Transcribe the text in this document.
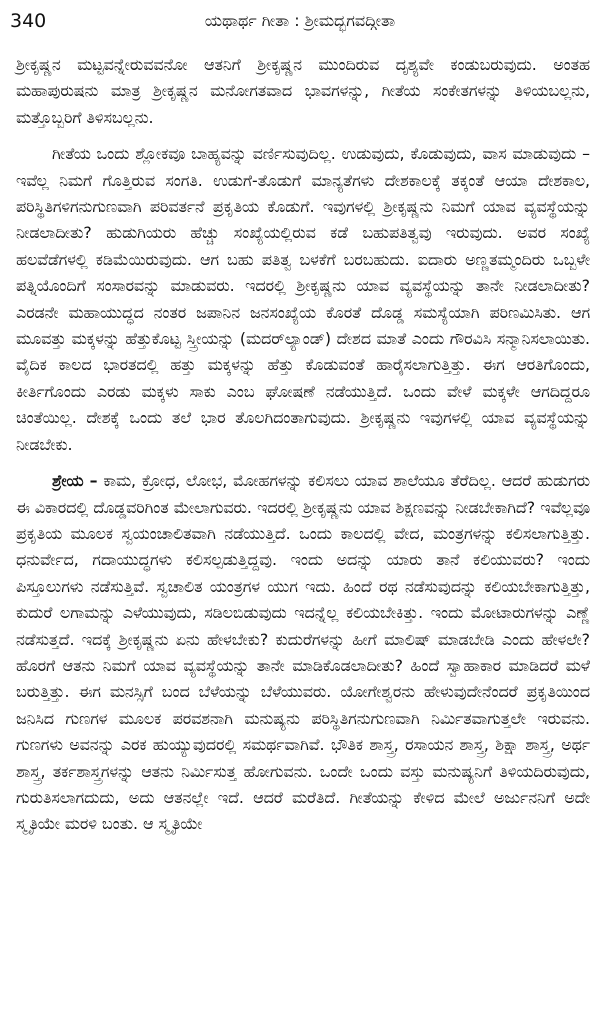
340	ಯಥಾರ್ಥ ಗೀತಾ : ಶ್ರೀಮದ್ಭಗವದ್ಗೀತಾ

ಶ್ರೀಕೃಷ್ಣನ ಮಟ್ಟವನ್ನೇರುವವನೋ ಆತನಿಗೆ ಶ್ರೀಕೃಷ್ಣನ ಮುಂದಿರುವ ದೃಶ್ಯವೇ ಕಂಡುಬರುವುದು. ಅಂತಹ ಮಹಾಪುರುಷನು ಮಾತ್ರ ಶ್ರೀಕೃಷ್ಣನ ಮನೋಗತವಾದ ಭಾವಗಳನ್ನು, ಗೀತೆಯ ಸಂಕೇತಗಳನ್ನು ತಿಳಿಯಬಲ್ಲನು, ಮತ್ತೊಬ್ಬರಿಗೆ ತಿಳಿಸಬಲ್ಲನು.

ಗೀತೆಯ ಒಂದು ಶ್ಲೋಕವೂ ಬಾಹ್ಯವನ್ನು ವರ್ಣಿಸುವುದಿಲ್ಲ. ಉಡುವುದು, ಕೊಡುವುದು, ವಾಸ ಮಾಡುವುದು – ಇವೆಲ್ಲ ನಿಮಗೆ ಗೊತ್ತಿರುವ ಸಂಗತಿ. ಉಡುಗೆ-ತೊಡುಗೆ ಮಾನ್ಯತೆಗಳು ದೇಶಕಾಲಕ್ಕೆ ತಕ್ಕಂತೆ ಆಯಾ ದೇಶಕಾಲ, ಪರಿಸ್ಥಿತಿಗಳಿಗನುಗುಣವಾಗಿ ಪರಿವರ್ತನೆ ಪ್ರಕೃತಿಯ ಕೊಡುಗೆ. ಇವುಗಳಲ್ಲಿ ಶ್ರೀಕೃಷ್ಣನು ನಿಮಗೆ ಯಾವ ವ್ಯವಸ್ಥೆಯನ್ನು ನೀಡಲಾದೀತು? ಹುಡುಗಿಯರು ಹೆಚ್ಚು ಸಂಖ್ಯೆಯಲ್ಲಿರುವ ಕಡೆ ಬಹುಪತಿತ್ವವು ಇರುವುದು. ಅವರ ಸಂಖ್ಯೆ ಹಲವೆಡೆಗಳಲ್ಲಿ ಕಡಿಮೆಯಿರುವುದು. ಆಗ ಬಹು ಪತಿತ್ವ ಬಳಕೆಗೆ ಬರಬಹುದು. ಐದಾರು ಅಣ್ಣತಮ್ಮಂದಿರು ಒಬ್ಬಳೇ ಪತ್ನಿಯೊಂದಿಗೆ ಸಂಸಾರವನ್ನು ಮಾಡುವರು. ಇದರಲ್ಲಿ ಶ್ರೀಕೃಷ್ಣನು ಯಾವ ವ್ಯವಸ್ಥೆಯನ್ನು ತಾನೇ ನೀಡಲಾದೀತು? ಎರಡನೇ ಮಹಾಯುದ್ಧದ ನಂತರ ಜಪಾನಿನ ಜನಸಂಖ್ಯೆಯ ಕೊರತೆ ದೊಡ್ಡ ಸಮಸ್ಯೆಯಾಗಿ ಪರಿಣಮಿಸಿತು. ಆಗ ಮೂವತ್ತು ಮಕ್ಕಳನ್ನು ಹೆತ್ತುಕೊಟ್ಟ ಸ್ತ್ರೀಯನ್ನು (ಮದರ್‌ಲ್ಯಾಂಡ್) ದೇಶದ ಮಾತೆ ಎಂದು ಗೌರವಿಸಿ ಸನ್ಮಾನಿಸಲಾಯಿತು. ವೈದಿಕ ಕಾಲದ ಭಾರತದಲ್ಲಿ ಹತ್ತು ಮಕ್ಕಳನ್ನು ಹೆತ್ತು ಕೊಡುವಂತೆ ಹಾರೈಸಲಾಗುತ್ತಿತ್ತು. ಈಗ ಆರತಿಗೊಂದು, ಕೀರ್ತಿಗೊಂದು ಎರಡು ಮಕ್ಕಳು ಸಾಕು ಎಂಬ ಘೋಷಣೆ ನಡೆಯುತ್ತಿದೆ. ಒಂದು ವೇಳೆ ಮಕ್ಕಳೇ ಆಗದಿದ್ದರೂ ಚಿಂತೆಯಿಲ್ಲ. ದೇಶಕ್ಕೆ ಒಂದು ತಲೆ ಭಾರ ತೊಲಗಿದಂತಾಗುವುದು. ಶ್ರೀಕೃಷ್ಣನು ಇವುಗಳಲ್ಲಿ ಯಾವ ವ್ಯವಸ್ಥೆಯನ್ನು ನೀಡಬೇಕು.

ಶ್ರೇಯ – ಕಾಮ, ಕ್ರೋಧ, ಲೋಭ, ಮೋಹಗಳನ್ನು ಕಲಿಸಲು ಯಾವ ಶಾಲೆಯೂ ತೆರೆದಿಲ್ಲ. ಆದರೆ ಹುಡುಗರು ಈ ವಿಕಾರದಲ್ಲಿ ದೊಡ್ಡವರಿಗಿಂತ ಮೇಲಾಗುವರು. ಇದರಲ್ಲಿ ಶ್ರೀಕೃಷ್ಣನು ಯಾವ ಶಿಕ್ಷಣವನ್ನು ನೀಡಬೇಕಾಗಿದೆ? ಇವೆಲ್ಲವೂ ಪ್ರಕೃತಿಯ ಮೂಲಕ ಸ್ವಯಂಚಾಲಿತವಾಗಿ ನಡೆಯುತ್ತಿದೆ. ಒಂದು ಕಾಲದಲ್ಲಿ ವೇದ, ಮಂತ್ರಗಳನ್ನು ಕಲಿಸಲಾಗುತ್ತಿತ್ತು. ಧನುರ್ವೇದ, ಗದಾಯುದ್ಧಗಳು ಕಲಿಸಲ್ಪಡುತ್ತಿದ್ದವು. ಇಂದು ಅದನ್ನು ಯಾರು ತಾನೆ ಕಲಿಯುವರು? ಇಂದು ಪಿಸ್ತೂಲುಗಳು ನಡೆಸುತ್ತಿವೆ. ಸ್ವಚಾಲಿತ ಯಂತ್ರಗಳ ಯುಗ ಇದು. ಹಿಂದೆ ರಥ ನಡೆಸುವುದನ್ನು ಕಲಿಯಬೇಕಾಗುತ್ತಿತ್ತು, ಕುದುರೆ ಲಗಾಮನ್ನು ಎಳೆಯುವುದು, ಸಡಿಲಬಿಡುವುದು ಇದನ್ನೆಲ್ಲ ಕಲಿಯಬೇಕಿತ್ತು. ಇಂದು ಮೋಟಾರುಗಳನ್ನು ಎಣ್ಣೆ ನಡೆಸುತ್ತದೆ. ಇದಕ್ಕೆ ಶ್ರೀಕೃಷ್ಣನು ಏನು ಹೇಳಬೇಕು? ಕುದುರೆಗಳನ್ನು ಹೀಗೆ ಮಾಲಿಷ್ ಮಾಡಬೇಡಿ ಎಂದು ಹೇಳಲೇ? ಹೊರಗೆ ಆತನು ನಿಮಗೆ ಯಾವ ವ್ಯವಸ್ಥೆಯನ್ನು ತಾನೇ ಮಾಡಿಕೊಡಲಾದೀತು? ಹಿಂದೆ ಸ್ವಾಹಾಕಾರ ಮಾಡಿದರೆ ಮಳೆ ಬರುತ್ತಿತ್ತು. ಈಗ ಮನಸ್ಸಿಗೆ ಬಂದ ಬೆಳೆಯನ್ನು ಬೆಳೆಯುವರು. ಯೋಗೇಶ್ವರನು ಹೇಳುವುದೇನೆಂದರೆ ಪ್ರಕೃತಿಯಿಂದ ಜನಿಸಿದ ಗುಣಗಳ ಮೂಲಕ ಪರವಶನಾಗಿ ಮನುಷ್ಯನು ಪರಿಸ್ಥಿತಿಗನುಗುಣವಾಗಿ ನಿರ್ಮಿತವಾಗುತ್ತಲೇ ಇರುವನು. ಗುಣಗಳು ಅವನನ್ನು ಎರಕ ಹುಯ್ಯುವುದರಲ್ಲಿ ಸಮರ್ಥವಾಗಿವೆ. ಭೌತಿಕ ಶಾಸ್ತ್ರ, ರಸಾಯನ ಶಾಸ್ತ್ರ, ಶಿಕ್ಷಾ ಶಾಸ್ತ್ರ, ಅರ್ಥ ಶಾಸ್ತ್ರ, ತರ್ಕಶಾಸ್ತ್ರಗಳನ್ನು ಆತನು ನಿರ್ಮಿಸುತ್ತ ಹೋಗುವನು. ಒಂದೇ ಒಂದು ವಸ್ತು ಮನುಷ್ಯನಿಗೆ ತಿಳಿಯದಿರುವುದು, ಗುರುತಿಸಲಾಗದುದು, ಅದು ಆತನಲ್ಲೇ ಇದೆ. ಆದರೆ ಮರೆತಿದೆ. ಗೀತೆಯನ್ನು ಕೇಳಿದ ಮೇಲೆ ಅರ್ಜುನನಿಗೆ ಅದೇ ಸ್ಮೃತಿಯೇ ಮರಳಿ ಬಂತು. ಆ ಸ್ಮೃತಿಯೇ
